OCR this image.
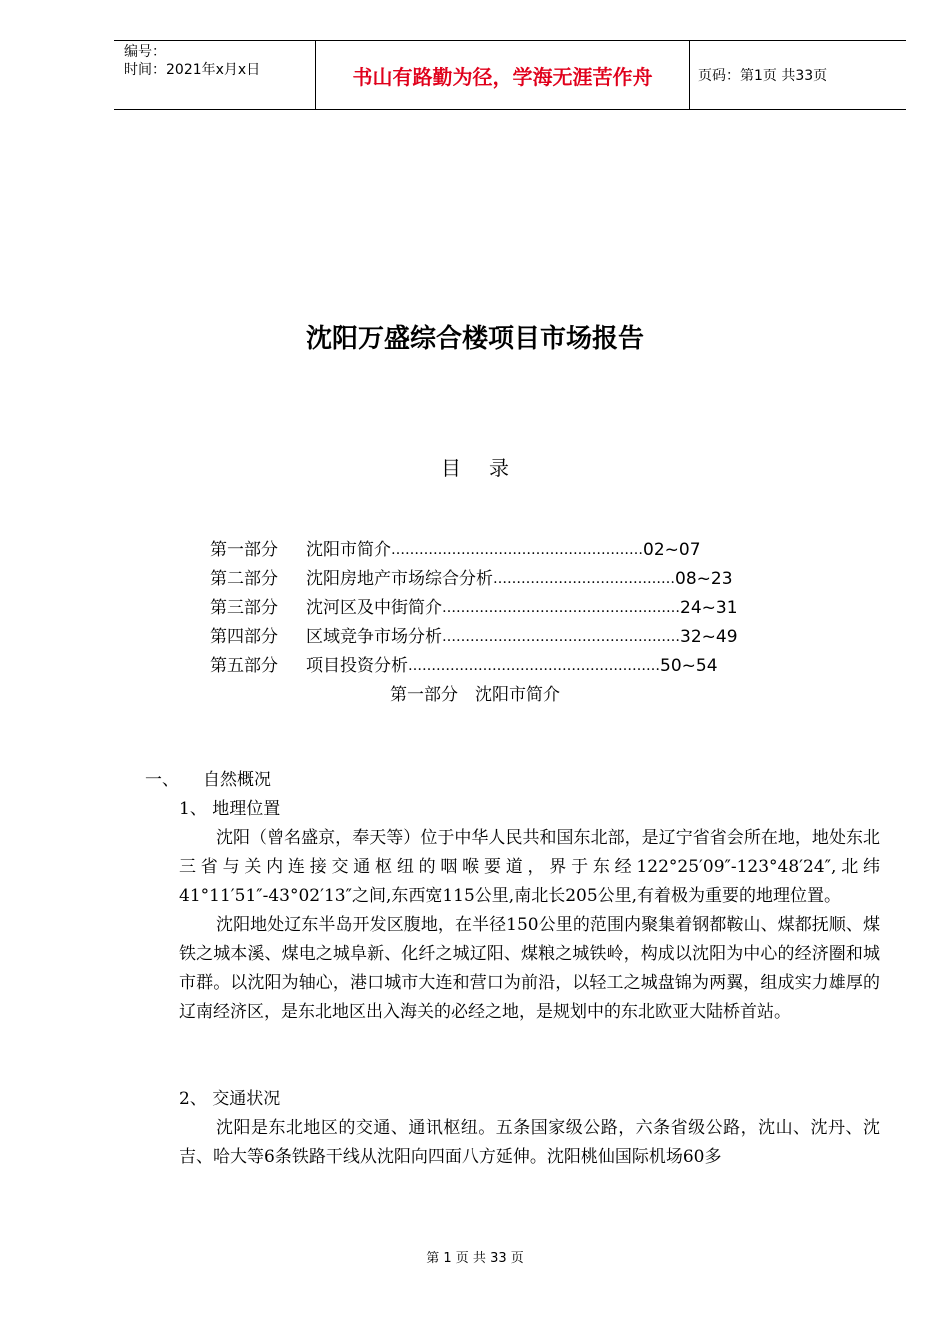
编号：
时间：2021年x月x日	书山有路勤为径，学海无涯苦作舟	页码：第1页 共33页
沈阳万盛综合楼项目市场报告
目录
第一部分	沈阳市简介 ……………………………………………… 02~07
第二部分	沈阳房地产市场综合分析 ………………………………… 08~23
第三部分	沈河区及中街简介 …………………………………………… 24~31
第四部分	区域竞争市场分析 …………………………………………… 32~49
第五部分	项目投资分析 ……………………………………………… 50~54
第一部分　沈阳市简介
一、	自然概况
1、 地理位置
沈阳（曾名盛京，奉天等）位于中华人民共和国东北部，是辽宁省省会所在地，地处东北三省与关内连接交通枢纽的咽喉要道，界于东经122°25′09″-123°48′24″,北纬41°11′51″-43°02′13″之间,东西宽115公里,南北长205公里,有着极为重要的地理位置。
沈阳地处辽东半岛开发区腹地，在半径150公里的范围内聚集着钢都鞍山、煤都抚顺、煤铁之城本溪、煤电之城阜新、化纤之城辽阳、煤粮之城铁岭，构成以沈阳为中心的经济圈和城市群。以沈阳为轴心，港口城市大连和营口为前沿，以轻工之城盘锦为两翼，组成实力雄厚的辽南经济区，是东北地区出入海关的必经之地，是规划中的东北欧亚大陆桥首站。
2、 交通状况
沈阳是东北地区的交通、通讯枢纽。五条国家级公路，六条省级公路，沈山、沈丹、沈吉、哈大等6条铁路干线从沈阳向四面八方延伸。沈阳桃仙国际机场60多
第 1 页 共 33 页
